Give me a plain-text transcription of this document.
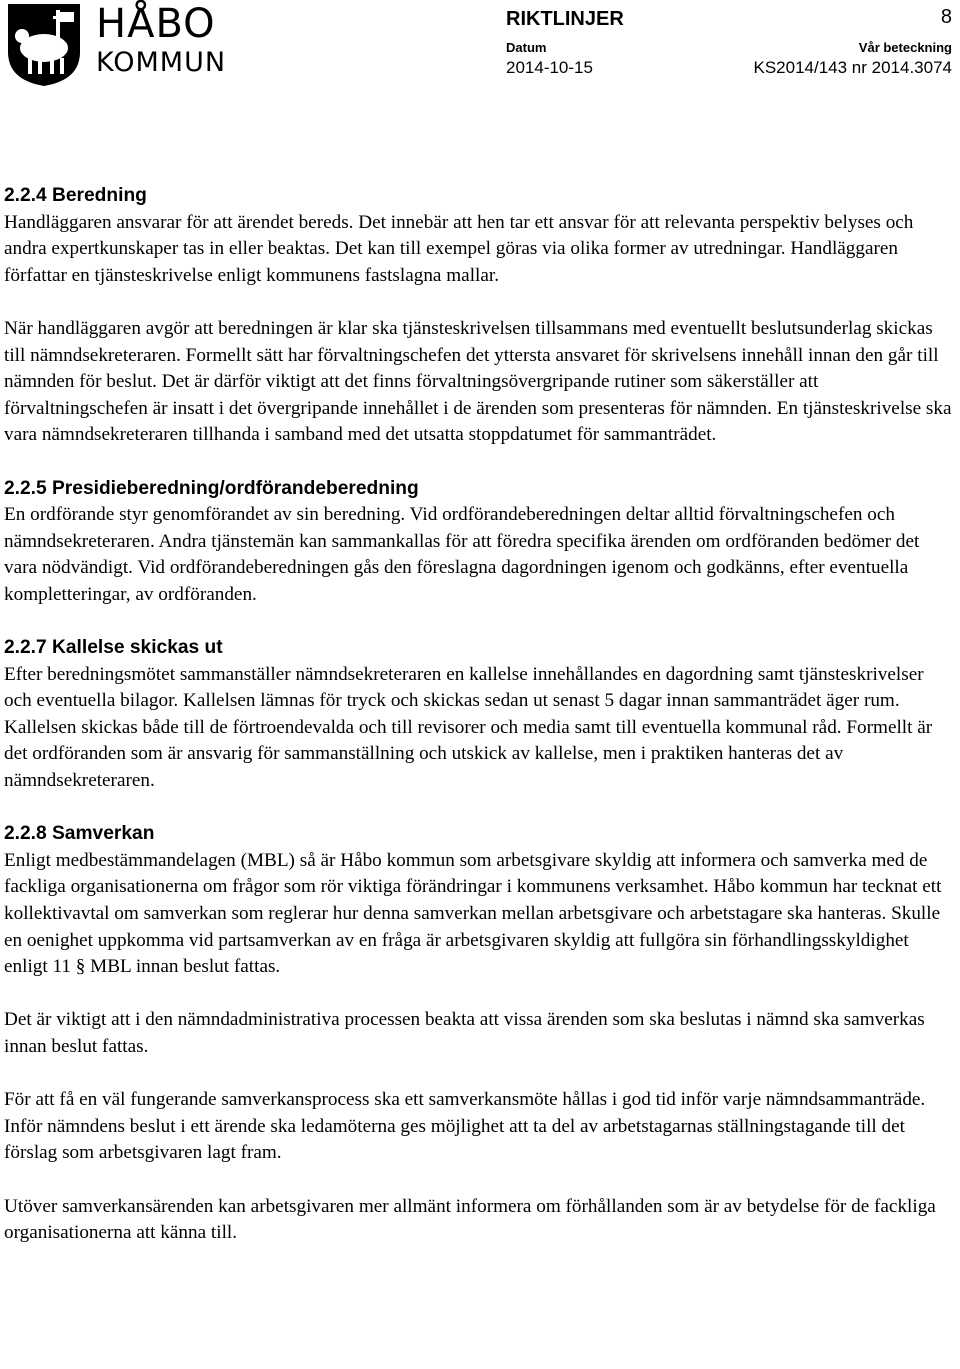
HÅBO
KOMMUN
RIKTLINJER	8
Datum
2014-10-15
Vår beteckning
KS2014/143 nr 2014.3074
2.2.4 Beredning

Handläggaren ansvarar för att ärendet bereds. Det innebär att hen tar ett ansvar för att relevanta perspektiv belyses och andra expertkunskaper tas in eller beaktas. Det kan till exempel göras via olika former av utredningar. Handläggaren författar en tjänsteskrivelse enligt kommunens fastslagna mallar.

När handläggaren avgör att beredningen är klar ska tjänsteskrivelsen tillsammans med eventuellt beslutsunderlag skickas till nämndsekreteraren. Formellt sätt har förvaltningschefen det yttersta ansvaret för skrivelsens innehåll innan den går till nämnden för beslut. Det är därför viktigt att det finns förvaltningsövergripande rutiner som säkerställer att förvaltningschefen är insatt i det övergripande innehållet i de ärenden som presenteras för nämnden. En tjänsteskrivelse ska vara nämndsekreteraren tillhanda i samband med det utsatta stoppdatumet för sammanträdet.

2.2.5 Presidieberedning/ordförandeberedning

En ordförande styr genomförandet av sin beredning. Vid ordförandeberedningen deltar alltid förvaltningschefen och nämndsekreteraren. Andra tjänstemän kan sammankallas för att föredra specifika ärenden om ordföranden bedömer det vara nödvändigt. Vid ordförandeberedningen gås den föreslagna dagordningen igenom och godkänns, efter eventuella kompletteringar, av ordföranden.

2.2.7 Kallelse skickas ut

Efter beredningsmötet sammanställer nämndsekreteraren en kallelse innehållandes en dagordning samt tjänsteskrivelser och eventuella bilagor. Kallelsen lämnas för tryck och skickas sedan ut senast 5 dagar innan sammanträdet äger rum. Kallelsen skickas både till de förtroendevalda och till revisorer och media samt till eventuella kommunal råd. Formellt är det ordföranden som är ansvarig för sammanställning och utskick av kallelse, men i praktiken hanteras det av nämndsekreteraren.

2.2.8 Samverkan

Enligt medbestämmandelagen (MBL) så är Håbo kommun som arbetsgivare skyldig att informera och samverka med de fackliga organisationerna om frågor som rör viktiga förändringar i kommunens verksamhet. Håbo kommun har tecknat ett kollektivavtal om samverkan som reglerar hur denna samverkan mellan arbetsgivare och arbetstagare ska hanteras. Skulle en oenighet uppkomma vid partsamverkan av en fråga är arbetsgivaren skyldig att fullgöra sin förhandlingsskyldighet enligt 11 § MBL innan beslut fattas.

Det är viktigt att i den nämndadministrativa processen beakta att vissa ärenden som ska beslutas i nämnd ska samverkas innan beslut fattas.

För att få en väl fungerande samverkansprocess ska ett samverkansmöte hållas i god tid inför varje nämndsammanträde. Inför nämndens beslut i ett ärende ska ledamöterna ges möjlighet att ta del av arbetstagarnas ställningstagande till det förslag som arbetsgivaren lagt fram.

Utöver samverkansärenden kan arbetsgivaren mer allmänt informera om förhållanden som är av betydelse för de fackliga organisationerna att känna till.
